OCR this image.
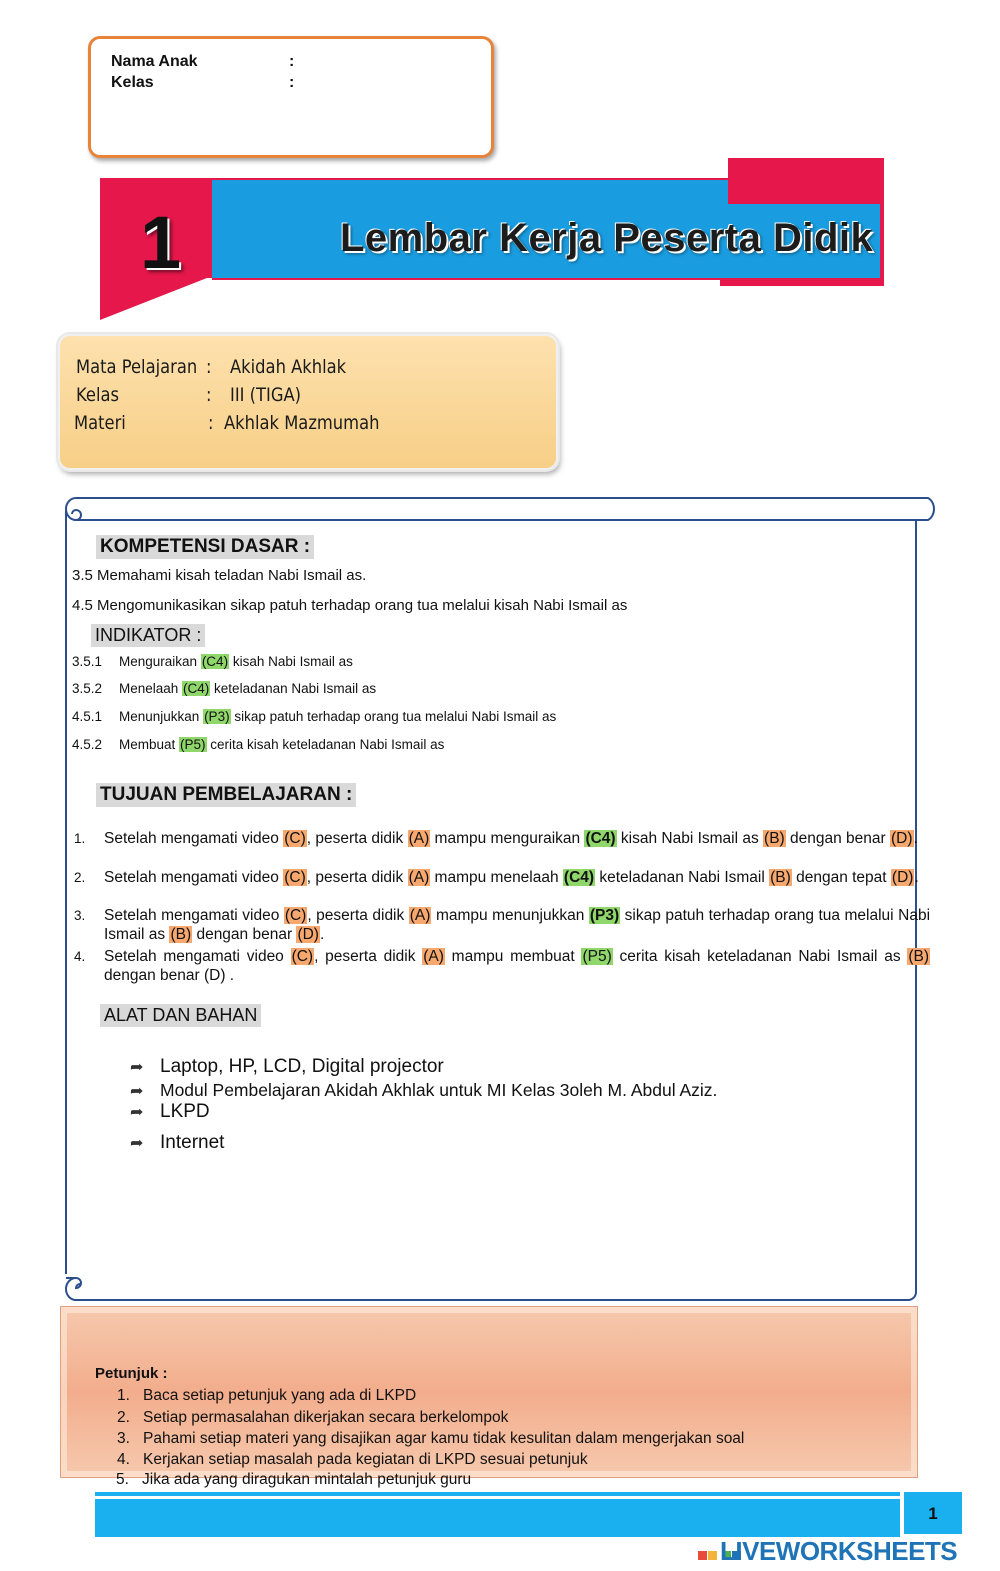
Nama Anak	:
Kelas	:
1	Lembar Kerja Peserta Didik
Mata Pelajaran : Akidah Akhlak
Kelas	: III (TIGA)
Materi	: Akhlak Mazmumah
KOMPETENSI DASAR :
3.5 Memahami kisah teladan Nabi Ismail as.
4.5 Mengomunikasikan sikap patuh terhadap orang tua melalui kisah Nabi Ismail as
INDIKATOR :
3.5.1 Menguraikan (C4) kisah Nabi Ismail as
3.5.2 Menelaah (C4) keteladanan Nabi Ismail as
4.5.1 Menunjukkan (P3) sikap patuh terhadap orang tua melalui Nabi Ismail as
4.5.2 Membuat (P5) cerita kisah keteladanan Nabi Ismail as
TUJUAN PEMBELAJARAN :
1. Setelah mengamati video (C), peserta didik (A) mampu menguraikan (C4) kisah Nabi Ismail as (B) dengan benar (D).
2. Setelah mengamati video (C), peserta didik (A) mampu menelaah (C4) keteladanan Nabi Ismail (B) dengan tepat (D).
3. Setelah mengamati video (C), peserta didik (A) mampu menunjukkan (P3) sikap patuh terhadap orang tua melalui Nabi Ismail as (B) dengan benar (D).
4. Setelah mengamati video (C), peserta didik (A) mampu membuat (P5) cerita kisah keteladanan Nabi Ismail as (B) dengan benar (D) .
ALAT DAN BAHAN
➦ Laptop, HP, LCD, Digital projector
➦ Modul Pembelajaran Akidah Akhlak untuk MI Kelas 3oleh M. Abdul Aziz.
➦ LKPD
➦ Internet
Petunjuk :
1. Baca setiap petunjuk yang ada di LKPD
2. Setiap permasalahan dikerjakan secara berkelompok
3. Pahami setiap materi yang disajikan agar kamu tidak kesulitan dalam mengerjakan soal
4. Kerjakan setiap masalah pada kegiatan di LKPD sesuai petunjuk
5. Jika ada yang diragukan mintalah petunjuk guru
1
LIVEWORKSHEETS
